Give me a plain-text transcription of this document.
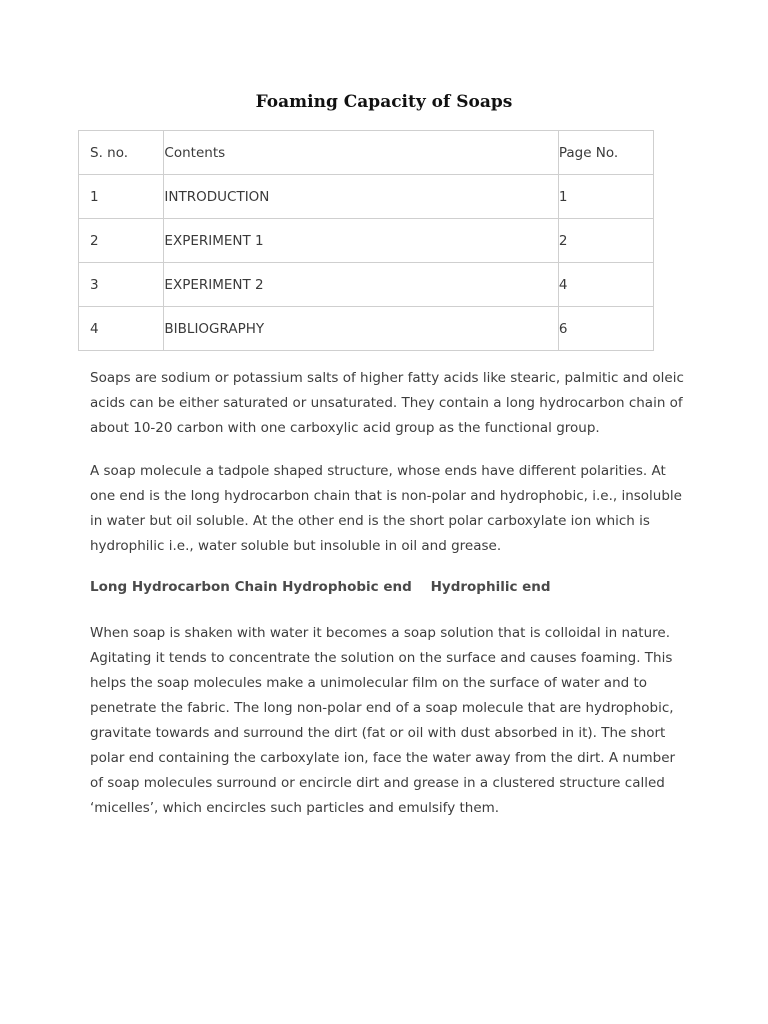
Foaming Capacity of Soaps
S. no.	Contents	Page No.
1	INTRODUCTION	1
2	EXPERIMENT 1	2
3	EXPERIMENT 2	4
4	BIBLIOGRAPHY	6

Soaps are sodium or potassium salts of higher fatty acids like stearic, palmitic and oleic acids can be either saturated or unsaturated. They contain a long hydrocarbon chain of about 10-20 carbon with one carboxylic acid group as the functional group.

A soap molecule a tadpole shaped structure, whose ends have different polarities. At one end is the long hydrocarbon chain that is non-polar and hydrophobic, i.e., insoluble in water but oil soluble. At the other end is the short polar carboxylate ion which is hydrophilic i.e., water soluble but insoluble in oil and grease.

Long Hydrocarbon Chain Hydrophobic end    Hydrophilic end

When soap is shaken with water it becomes a soap solution that is colloidal in nature. Agitating it tends to concentrate the solution on the surface and causes foaming. This helps the soap molecules make a unimolecular film on the surface of water and to penetrate the fabric. The long non-polar end of a soap molecule that are hydrophobic, gravitate towards and surround the dirt (fat or oil with dust absorbed in it). The short polar end containing the carboxylate ion, face the water away from the dirt. A number of soap molecules surround or encircle dirt and grease in a clustered structure called ‘micelles’, which encircles such particles and emulsify them.
